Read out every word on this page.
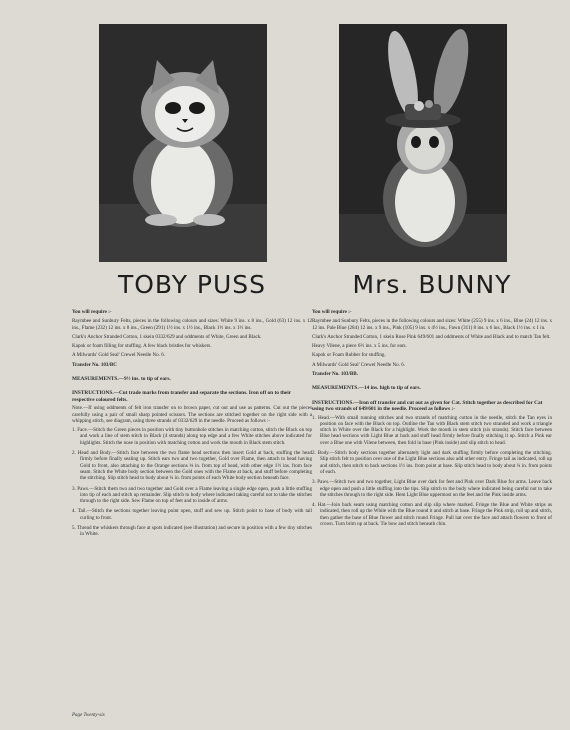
TOBY PUSS

You will require :-

Raymbee and Sunbury Felts, pieces in the following colours and sizes: White 9 ins. x 8 ins., Gold (63) 12 ins. x 12 ins., Flame (232) 12 ins. x 8 ins., Green (291) 1½ ins. x 1½ ins., Black 1½ ins. x 1½ ins.

Clark's Anchor Stranded Cotton, 1 skein 0332/629 and oddments of White, Green and Black.

Kapok or foam filling for stuffing. A few black bristles for whiskers.

A Milwards' Gold Seal' Crewel Needle No. 6.

Transfer No. 103/BC

MEASUREMENTS.—9½ ins. to tip of ears.

INSTRUCTIONS.—Cut trade marks from transfer and separate the sections. Iron off on to their respective coloured felts.

Note.—If using oddments of felt iron transfer on to brown paper, cut out and use as patterns. Cut out the pieces carefully using a pair of small sharp pointed scissors. The sections are stitched together on the right side with a whipping stitch, see diagram, using three strands of 0332/629 in the needle. Proceed as follows :-

1. Face.—Stitch the Green pieces in position with tiny buttonhole stitches in matching cotton, stitch the Black on top and work a line of stem stitch in Black (4 strands) along top edge and a few White stitches above indicated for highlights. Stitch the nose in position with matching cotton and work the mouth in Black stem stitch.

2. Head and Body.—Stitch face between the two flame head sections then insert Gold at back, stuffing the head firmly before finally sealing up. Stitch ears two and two together, Gold over Flame, then attach to head having Gold to front, also attaching to the Orange sections ⅛ in. from top of head, with other edge 1½ ins. from face seam. Stitch the White body section between the Gold ones with the Flame at back, and stuff before completing the stitching. Slip stitch head to body about ¼ in. from points of each White body section beneath face.

3. Paws.—Stitch them two and two together and Gold over a Flame leaving a single edge open, push a little stuffing into tip of each and stitch up remainder. Slip stitch to body where indicated taking careful not to take the stitches through to the right side. Sew Flame on top of feet and to inside of arms.

4. Tail.—Stitch the sections together leaving point open, stuff and sew up. Stitch point to base of body with tail curling to front.

5. Thread the whiskers through face at spots indicated (see illustration) and secure in position with a few tiny stitches in White.

Mrs. BUNNY

You will require :-

Raymbee and Sunbury Felts, pieces in the following colours and sizes: White (255) 9 ins. x 6 ins., Blue (24) 12 ins. x 12 ins. Pale Blue (284) 12 ins. x 9 ins., Pink (105) 9 ins. x 4½ ins., Fawn (311) 8 ins. x 6 ins., Black 1½ ins. x 1 in.

Clark's Anchor Stranded Cotton, 1 skein Rose Pink 649/601 and oddments of White and Black and to match Tan felt.

Heavy Vilene, a piece 6½ ins. x 5 ins. for ears.

Kapok or Foam Rubber for stuffing.

A Milwards' Gold Seal' Crewel Needle No. 6.

Transfer No. 103/BB.

MEASUREMENTS.—14 ins. high to tip of ears.

INSTRUCTIONS.—Iron off transfer and cut out as given for Cat. Stitch together as described for Cat using two strands of 649/601 in the needle. Proceed as follows :-

1. Head.—With small running stitches and two strands of matching cotton in the needle, stitch the Tan eyes in position on face with the Black on top. Outline the Tan with Black stem stitch two stranded and work a triangle stitch in White over the Black for a highlight. Work the mouth in stem stitch (six strands). Stitch face between Blue head sections with Light Blue at back and stuff head firmly before finally stitching it up. Stitch a Pink ear over a Blue one with Vilene between, then fold in base (Pink inside) and slip stitch to head.

2. Body.—Stitch body sections together alternately light and dark stuffing firmly before completing the stitching. Slip stitch felt to position over one of the Light Blue sections also add other entry. Fringe tail as indicated, roll up and stitch, then stitch to back sections 1½ ins. from point at base. Slip stitch head to body about ¼ in. from points of each.

3. Paws.—Stitch two and two together, Light Blue over dark for feet and Pink over Dark Blue for arms. Leave back edge open and push a little stuffing into the tips. Slip stitch to the body where indicated being careful not to take the stitches through to the right side. Hem Light Blue uppermost on the feet and the Pink inside arms.

4. Hat.—Join back seam using matching cotton and slip slip where marked. Fringe the Blue and White strips as indicated, then roll up the White with the Blue round it and stitch at base. Fringe the Pink strip, roll up and stitch, then gather the base of Blue flower and stitch round Fringe. Pull hat over the face and attach flowers to front of crown. Turn brim up at back. Tie bow and stitch beneath chin.

Page Twenty-six
